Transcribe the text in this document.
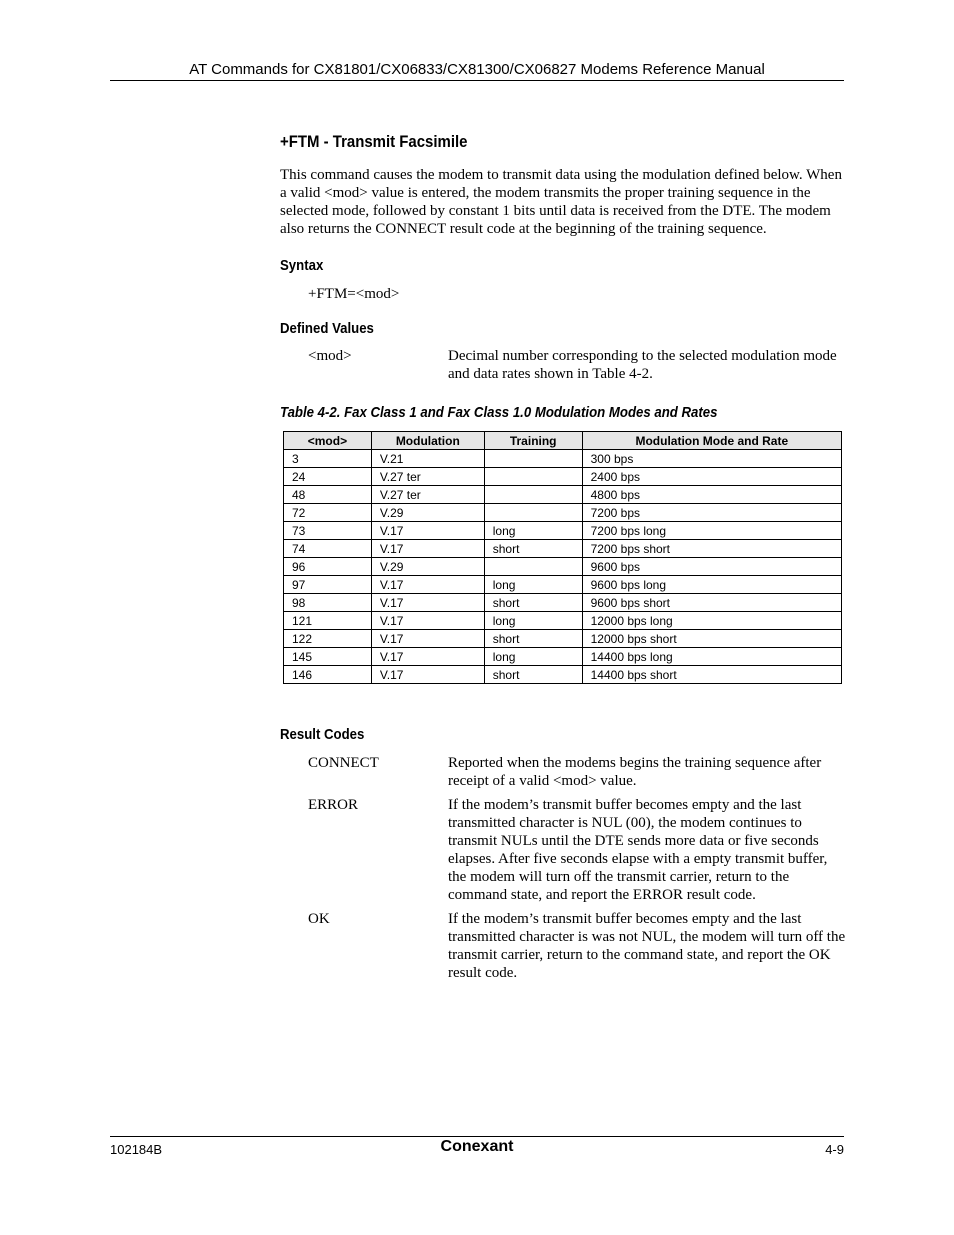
AT Commands for CX81801/CX06833/CX81300/CX06827 Modems Reference Manual
+FTM - Transmit Facsimile
This command causes the modem to transmit data using the modulation defined below. When a valid <mod> value is entered, the modem transmits the proper training sequence in the selected mode, followed by constant 1 bits until data is received from the DTE. The modem also returns the CONNECT result code at the beginning of the training sequence.
Syntax
+FTM=<mod>
Defined Values
<mod>	Decimal number corresponding to the selected modulation mode and data rates shown in Table 4-2.
Table 4-2. Fax Class 1 and Fax Class 1.0 Modulation Modes and Rates
<mod>	Modulation	Training	Modulation Mode and Rate
3	V.21		300 bps
24	V.27 ter		2400 bps
48	V.27 ter		4800 bps
72	V.29		7200 bps
73	V.17	long	7200 bps long
74	V.17	short	7200 bps short
96	V.29		9600 bps
97	V.17	long	9600 bps long
98	V.17	short	9600 bps short
121	V.17	long	12000 bps long
122	V.17	short	12000 bps short
145	V.17	long	14400 bps long
146	V.17	short	14400 bps short
Result Codes
CONNECT	Reported when the modems begins the training sequence after receipt of a valid <mod> value.
ERROR	If the modem’s transmit buffer becomes empty and the last transmitted character is NUL (00), the modem continues to transmit NULs until the DTE sends more data or five seconds elapses. After five seconds elapse with a empty transmit buffer, the modem will turn off the transmit carrier, return to the command state, and report the ERROR result code.
OK	If the modem’s transmit buffer becomes empty and the last transmitted character is was not NUL, the modem will turn off the transmit carrier, return to the command state, and report the OK result code.
102184B	Conexant	4-9
